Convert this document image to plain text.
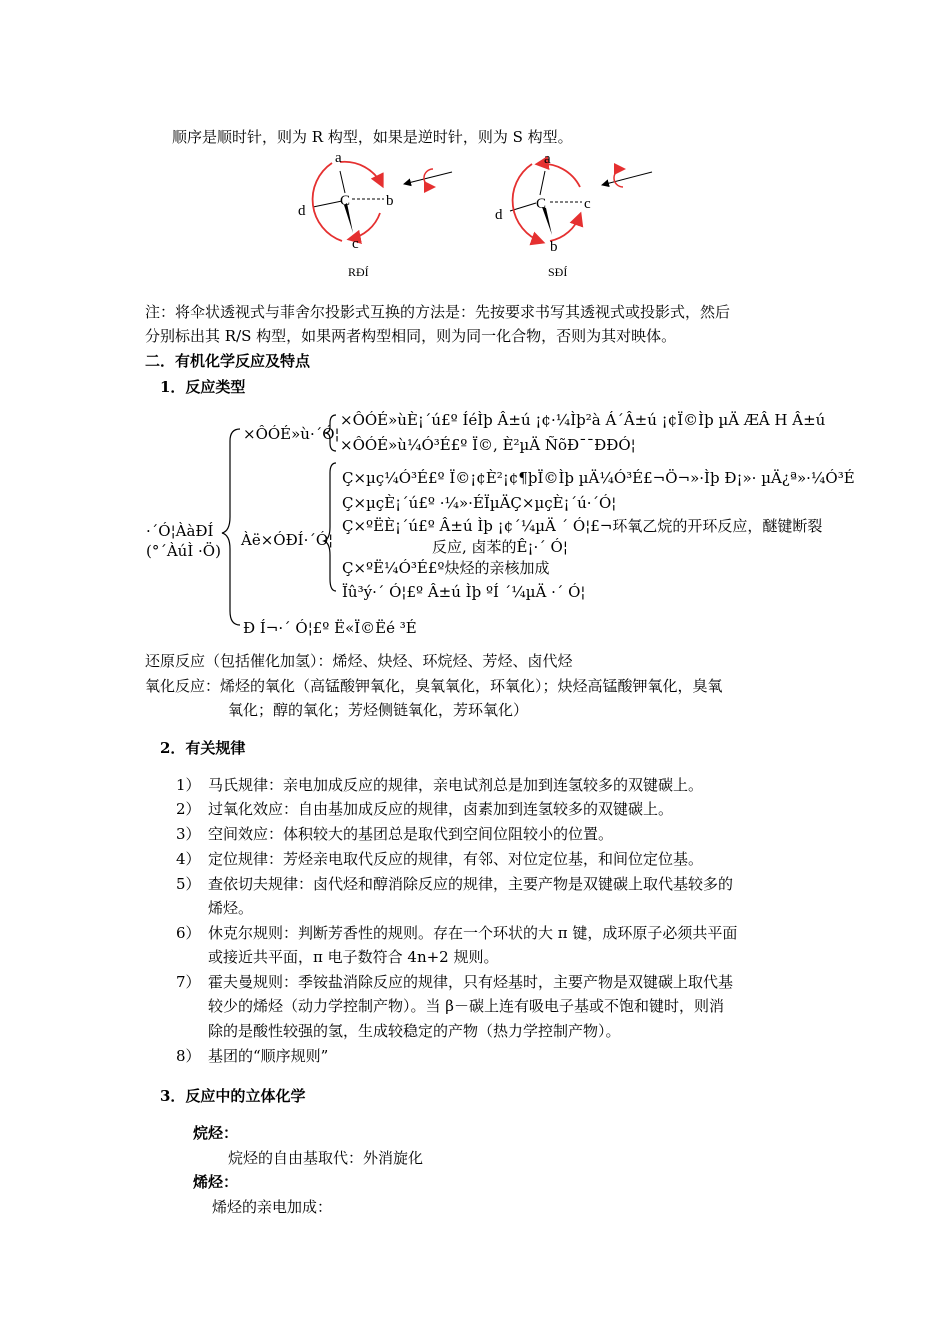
顺序是顺时针，则为 R 构型，如果是逆时针，则为 S 构型。
a
C b
d
c
RÐÍ
a
C	c
d
b
SÐÍ
注：将伞状透视式与菲舍尔投影式互换的方法是：先按要求书写其透视式或投影式，然后
分别标出其 R/S 构型，如果两者构型相同，则为同一化合物，否则为其对映体。
二．有机化学反应及特点
1．反应类型
·´Ó¦ÀàÐÍ
(°´ÀúÌ ·Ö)
×ÔÓÉ»ù·´Ó¦
×ÔÓÉ»ùÈ¡´ú£º ÍéÌþ Â±ú ¡¢·¼Ìþ²à Á´Â±ú ¡¢Ï©Ìþ µÄ ÆÂ H Â±ú
×ÔÓÉ»ù¼Ó³É£º Ï©, È²µÄ ÑõÐ¯¯ÐÐÓ¦
Àë×ÓÐÍ·´Ó¦
Ç×µç¼Ó³É£º Ï©¡¢È²¡¢¶þÏ©Ìþ µÄ¼Ó³É£¬Ö¬»·Ìþ Ð¡»· µÄ¿ª»·¼Ó³É
Ç×µçÈ¡´ú£º ·¼»·ÉÏµÄÇ×µçÈ¡´ú·´Ó¦
Ç×ºËÈ¡´ú£º Â±ú Ìþ ¡¢´¼µÄ ´ Ó¦£¬环氧乙烷的开环反应，醚键断裂
反应, 卤苯的Ê¡·´ Ó¦
Ç×ºË¼Ó³É£º炔烃的亲核加成
Ïû³ý·´ Ó¦£º Â±ú Ìþ ºÍ ´¼µÄ ·´ Ó¦
Ð Í¬·´ Ó¦£º Ë«Ï©Ëé ³É
还原反应（包括催化加氢）：烯烃、炔烃、环烷烃、芳烃、卤代烃
氧化反应：烯烃的氧化（高锰酸钾氧化，臭氧氧化，环氧化）；炔烃高锰酸钾氧化，臭氧
氧化；醇的氧化；芳烃侧链氧化，芳环氧化）
2．有关规律
1） 马氏规律：亲电加成反应的规律，亲电试剂总是加到连氢较多的双键碳上。
2） 过氧化效应：自由基加成反应的规律，卤素加到连氢较多的双键碳上。
3） 空间效应：体积较大的基团总是取代到空间位阻较小的位置。
4） 定位规律：芳烃亲电取代反应的规律，有邻、对位定位基，和间位定位基。
5） 查依切夫规律：卤代烃和醇消除反应的规律，主要产物是双键碳上取代基较多的
烯烃。
6） 休克尔规则：判断芳香性的规则。存在一个环状的大 π 键，成环原子必须共平面
或接近共平面，π 电子数符合 4n+2 规则。
7） 霍夫曼规则：季铵盐消除反应的规律，只有烃基时，主要产物是双键碳上取代基
较少的烯烃（动力学控制产物）。当 β－碳上连有吸电子基或不饱和键时，则消
除的是酸性较强的氢，生成较稳定的产物（热力学控制产物）。
8） 基团的“顺序规则”
3．反应中的立体化学
烷烃：
烷烃的自由基取代：外消旋化
烯烃：
烯烃的亲电加成：
